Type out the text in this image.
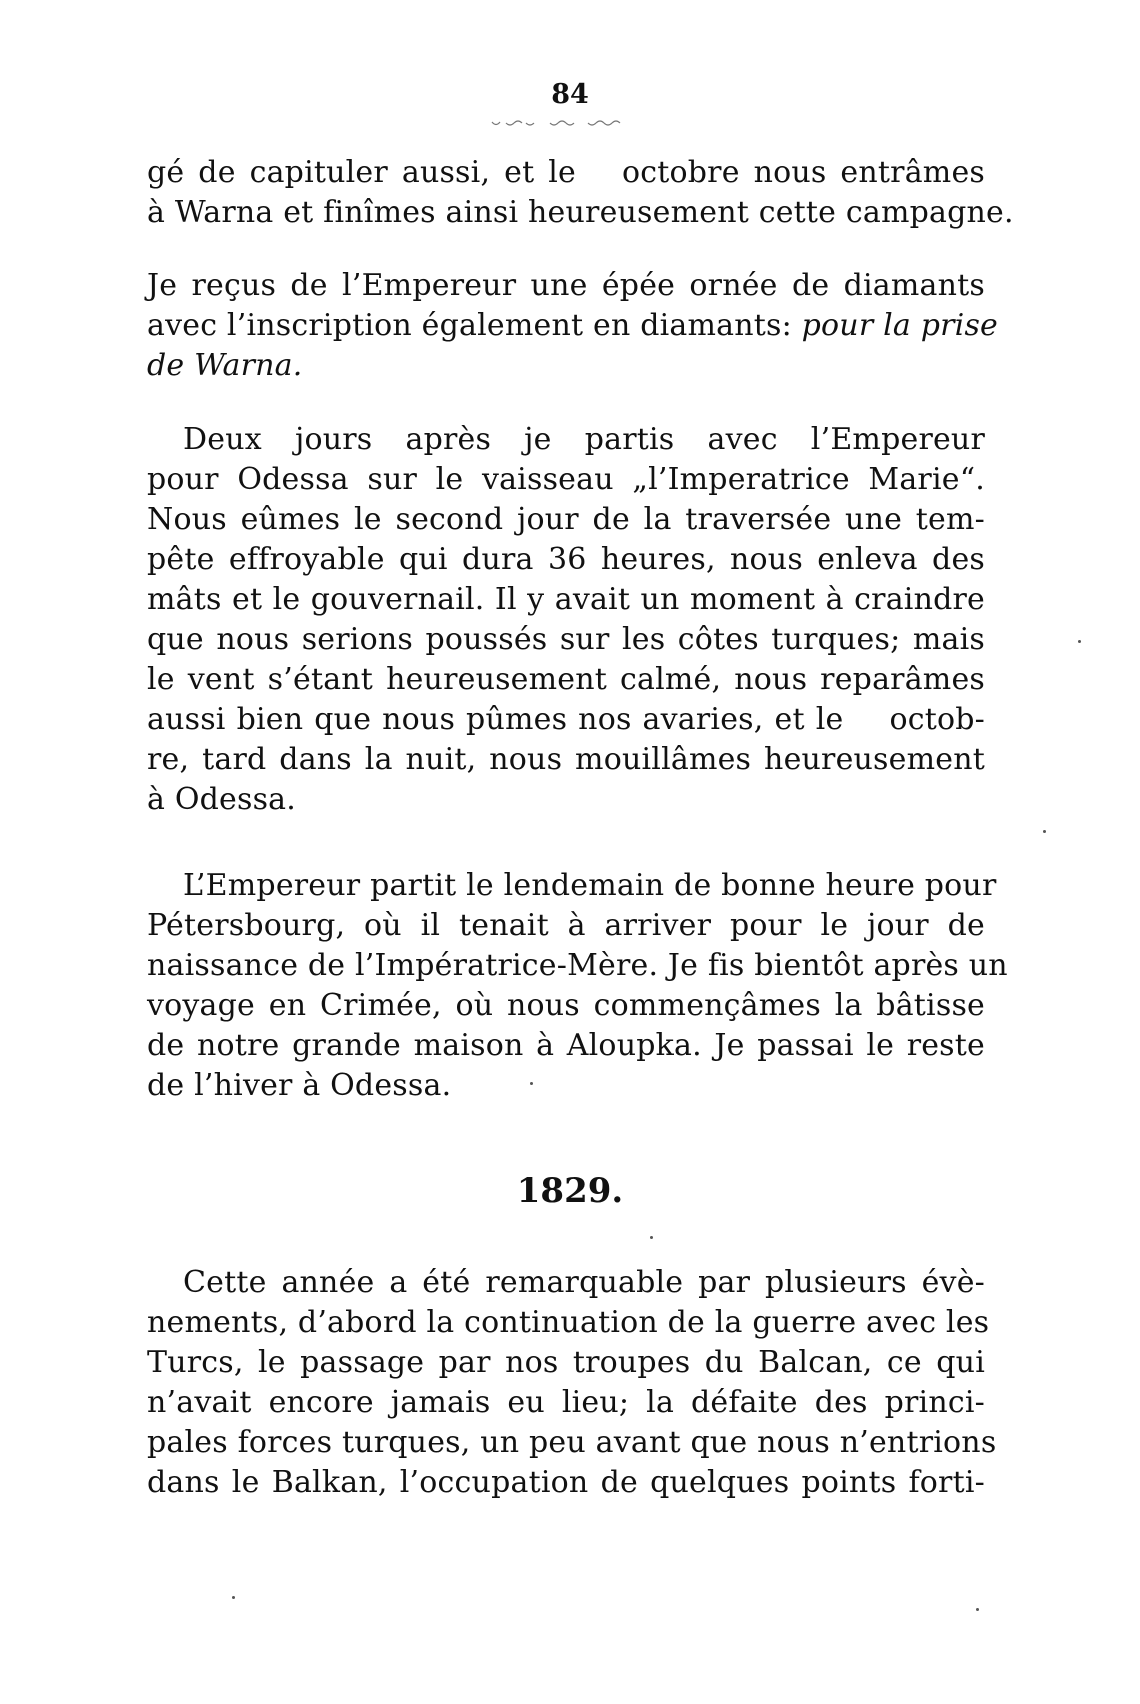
84
gé de capituler aussi, et le octobre nous entrâmes
à Warna et finîmes ainsi heureusement cette campagne.
Je reçus de l’Empereur une épée ornée de diamants
avec l’inscription également en diamants: pour la prise
de Warna.
Deux jours après je partis avec l’Empereur
pour Odessa sur le vaisseau „l’Imperatrice Marie“.
Nous eûmes le second jour de la traversée une tem-
pête effroyable qui dura 36 heures, nous enleva des
mâts et le gouvernail. Il y avait un moment à craindre
que nous serions poussés sur les côtes turques; mais
le vent s’étant heureusement calmé, nous reparâmes
aussi bien que nous pûmes nos avaries, et le octob-
re, tard dans la nuit, nous mouillâmes heureusement
à Odessa.
L’Empereur partit le lendemain de bonne heure pour
Pétersbourg, où il tenait à arriver pour le jour de
naissance de l’Impératrice-Mère. Je fis bientôt après un
voyage en Crimée, où nous commençâmes la bâtisse
de notre grande maison à Aloupka. Je passai le reste
de l’hiver à Odessa.
1829.
Cette année a été remarquable par plusieurs évè-
nements, d’abord la continuation de la guerre avec les
Turcs, le passage par nos troupes du Balcan, ce qui
n’avait encore jamais eu lieu; la défaite des princi-
pales forces turques, un peu avant que nous n’entrions
dans le Balkan, l’occupation de quelques points forti-
